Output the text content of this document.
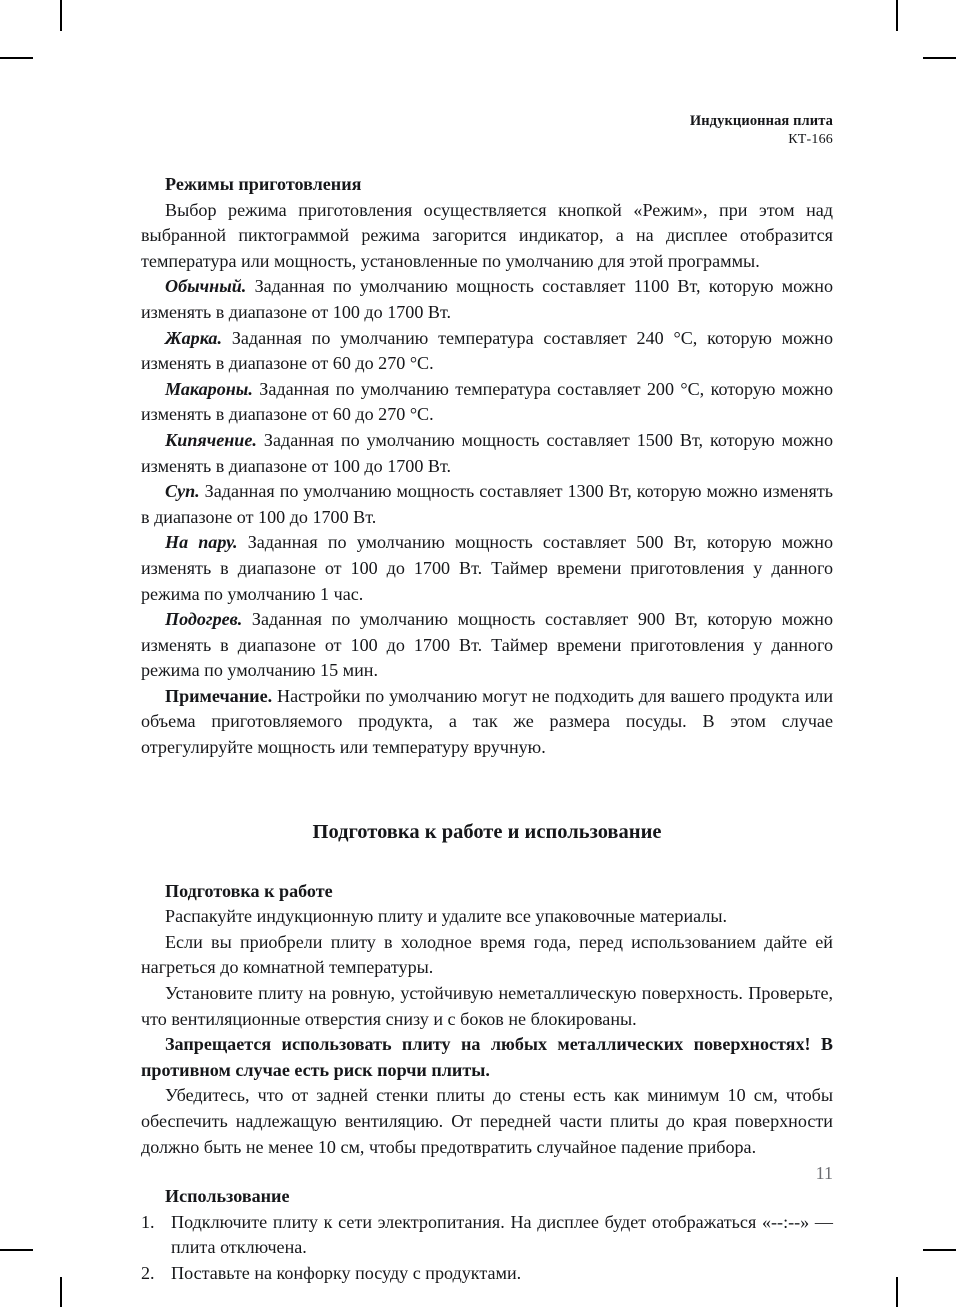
Индукционная плита
КТ-166
Режимы приготовления

Выбор режима приготовления осуществляется кнопкой «Режим», при этом над выбранной пиктограммой режима загорится индикатор, а на дисплее отобразится температура или мощность, установленные по умолчанию для этой программы.

Обычный. Заданная по умолчанию мощность составляет 1100 Вт, которую можно изменять в диапазоне от 100 до 1700 Вт.

Жарка. Заданная по умолчанию температура составляет 240 °C, которую можно изменять в диапазоне от 60 до 270 °C.

Макароны. Заданная по умолчанию температура составляет 200 °C, которую можно изменять в диапазоне от 60 до 270 °C.

Кипячение. Заданная по умолчанию мощность составляет 1500 Вт, которую можно изменять в диапазоне от 100 до 1700 Вт.

Суп. Заданная по умолчанию мощность составляет 1300 Вт, которую можно изменять в диапазоне от 100 до 1700 Вт.

На пару. Заданная по умолчанию мощность составляет 500 Вт, которую можно изменять в диапазоне от 100 до 1700 Вт. Таймер времени приготовления у данного режима по умолчанию 1 час.

Подогрев. Заданная по умолчанию мощность составляет 900 Вт, которую можно изменять в диапазоне от 100 до 1700 Вт. Таймер времени приготовления у данного режима по умолчанию 15 мин.

Примечание. Настройки по умолчанию могут не подходить для вашего продукта или объема приготовляемого продукта, а так же размера посуды. В этом случае отрегулируйте мощность или температуру вручную.

Подготовка к работе и использование
Подготовка к работе

Распакуйте индукционную плиту и удалите все упаковочные материалы.

Если вы приобрели плиту в холодное время года, перед использованием дайте ей нагреться до комнатной температуры.

Установите плиту на ровную, устойчивую неметаллическую поверхность. Проверьте, что вентиляционные отверстия снизу и с боков не блокированы.

Запрещается использовать плиту на любых металлических поверхностях! В противном случае есть риск порчи плиты.

Убедитесь, что от задней стенки плиты до стены есть как минимум 10 см, чтобы обеспечить надлежащую вентиляцию. От передней части плиты до края поверхности должно быть не менее 10 см, чтобы предотвратить случайное падение прибора.

Использование
1. Подключите плиту к сети электропитания. На дисплее будет отображаться «--:--» — плита отключена.
2. Поставьте на конфорку посуду с продуктами.
11
